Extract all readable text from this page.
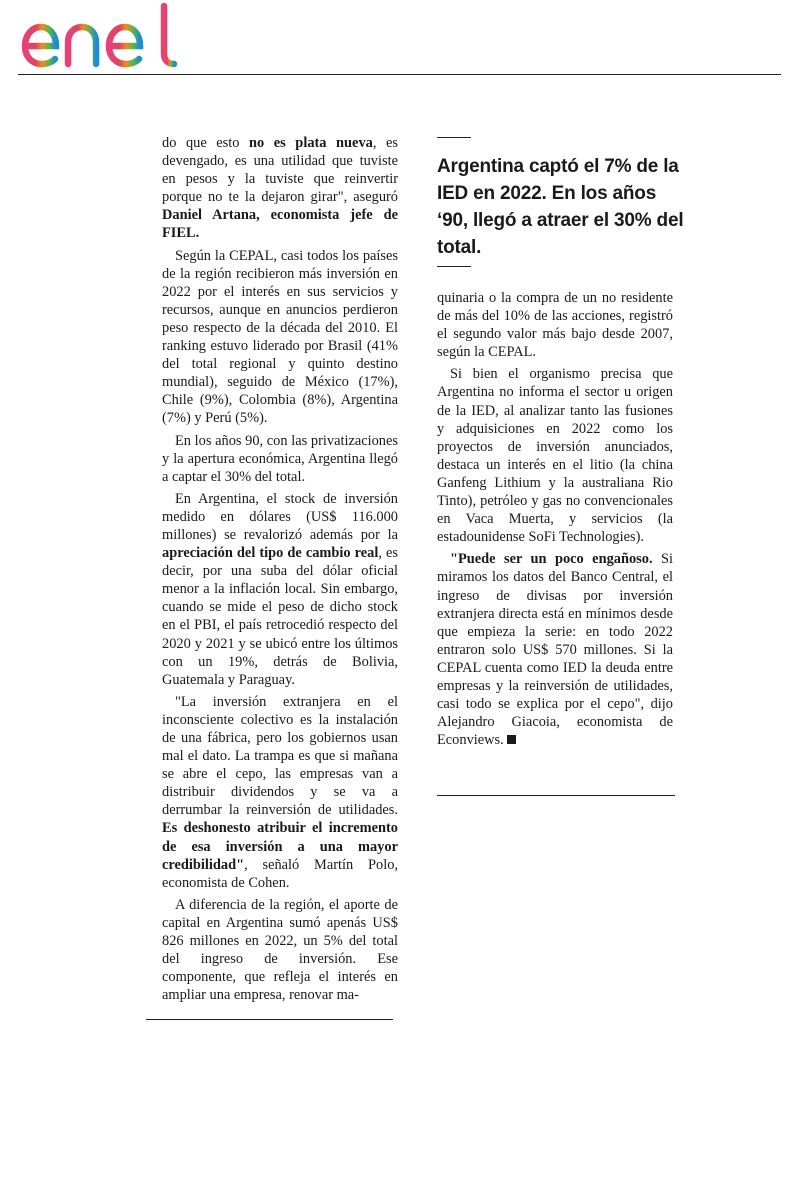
do que esto no es plata nueva, es devengado, es una utilidad que tuviste en pesos y la tuviste que reinvertir porque no te la dejaron girar", aseguró Daniel Artana, economista jefe de FIEL.

Según la CEPAL, casi todos los países de la región recibieron más inversión en 2022 por el interés en sus servicios y recursos, aunque en anuncios perdieron peso respecto de la década del 2010. El ranking estuvo liderado por Brasil (41% del total regional y quinto destino mundial), seguido de México (17%), Chile (9%), Colombia (8%), Argentina (7%) y Perú (5%).

En los años 90, con las privatizaciones y la apertura económica, Argentina llegó a captar el 30% del total.

En Argentina, el stock de inversión medido en dólares (US$ 116.000 millones) se revalorizó además por la apreciación del tipo de cambio real, es decir, por una suba del dólar oficial menor a la inflación local. Sin embargo, cuando se mide el peso de dicho stock en el PBI, el país retrocedió respecto del 2020 y 2021 y se ubicó entre los últimos con un 19%, detrás de Bolivia, Guatemala y Paraguay.

"La inversión extranjera en el inconsciente colectivo es la instalación de una fábrica, pero los gobiernos usan mal el dato. La trampa es que si mañana se abre el cepo, las empresas van a distribuir dividendos y se va a derrumbar la reinversión de utilidades. Es deshonesto atribuir el incremento de esa inversión a una mayor credibilidad", señaló Martín Polo, economista de Cohen.

A diferencia de la región, el aporte de capital en Argentina sumó apenás US$ 826 millones en 2022, un 5% del total del ingreso de inversión. Ese componente, que refleja el interés en ampliar una empresa, renovar ma-

Argentina captó el 7% de la IED en 2022. En los años ‘90, llegó a atraer el 30% del total.

quinaria o la compra de un no residente de más del 10% de las acciones, registró el segundo valor más bajo desde 2007, según la CEPAL.

Si bien el organismo precisa que Argentina no informa el sector u origen de la IED, al analizar tanto las fusiones y adquisiciones en 2022 como los proyectos de inversión anunciados, destaca un interés en el litio (la china Ganfeng Lithium y la australiana Rio Tinto), petróleo y gas no convencionales en Vaca Muerta, y servicios (la estadounidense SoFi Technologies).

"Puede ser un poco engañoso. Si miramos los datos del Banco Central, el ingreso de divisas por inversión extranjera directa está en mínimos desde que empieza la serie: en todo 2022 entraron solo US$ 570 millones. Si la CEPAL cuenta como IED la deuda entre empresas y la reinversión de utilidades, casi todo se explica por el cepo", dijo Alejandro Giacoia, economista de Econviews.
